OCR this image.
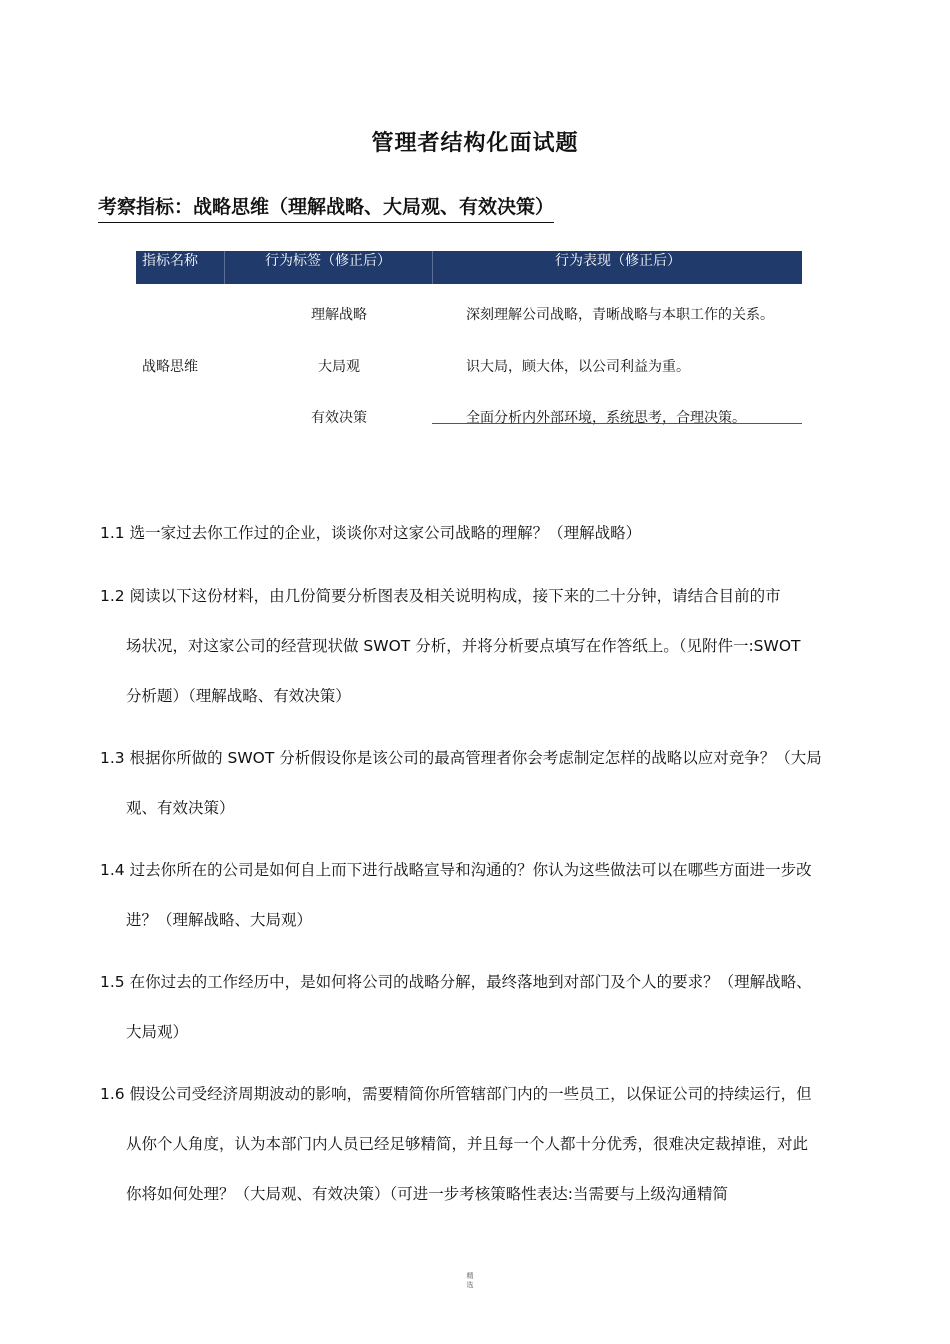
管理者结构化面试题
考察指标：战略思维（理解战略、大局观、有效决策）
指标名称	行为标签（修正后）	行为表现（修正后）
战略思维
理解战略	深刻理解公司战略，青晰战略与本职工作的关系。
大局观	识大局，顾大体，以公司利益为重。
有效决策	全面分析内外部环境，系统思考，合理决策。
1.1 选一家过去你工作过的企业，谈谈你对这家公司战略的理解？（理解战略）
1.2 阅读以下这份材料，由几份简要分析图表及相关说明构成，接下来的二十分钟，请结合目前的市
场状况，对这家公司的经营现状做 SWOT 分析，并将分析要点填写在作答纸上。（见附件一:SWOT
分析题）（理解战略、有效决策）
1.3 根据你所做的 SWOT 分析假设你是该公司的最高管理者你会考虑制定怎样的战略以应对竞争？（大局
观、有效决策）
1.4 过去你所在的公司是如何自上而下进行战略宣导和沟通的？你认为这些做法可以在哪些方面进一步改
进？（理解战略、大局观）
1.5 在你过去的工作经历中，是如何将公司的战略分解，最终落地到对部门及个人的要求？（理解战略、
大局观）
1.6 假设公司受经济周期波动的影响，需要精简你所管辖部门内的一些员工，以保证公司的持续运行，但
从你个人角度，认为本部门内人员已经足够精简，并且每一个人都十分优秀，很难决定裁掉谁，对此
你将如何处理？（大局观、有效决策）（可进一步考核策略性表达:当需要与上级沟通精简
精选
